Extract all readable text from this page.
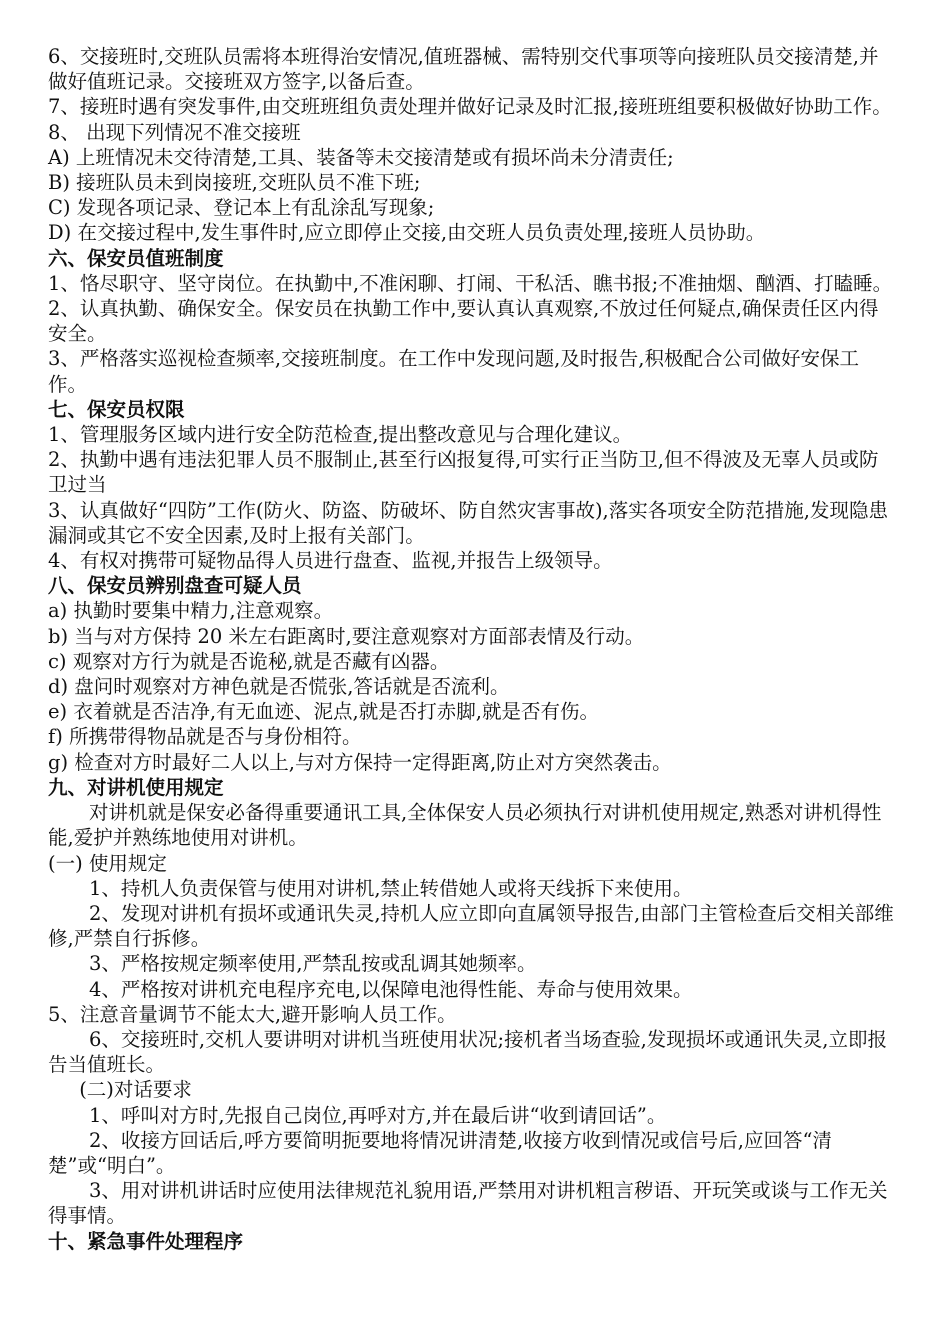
6、交接班时,交班队员需将本班得治安情况,值班器械、需特别交代事项等向接班队员交接清楚,并做好值班记录。交接班双方签字,以备后查。

7、接班时遇有突发事件,由交班班组负责处理并做好记录及时汇报,接班班组要积极做好协助工作。

8、 出现下列情况不准交接班

A) 上班情况未交待清楚,工具、装备等未交接清楚或有损坏尚未分清责任;

B) 接班队员未到岗接班,交班队员不准下班;

C) 发现各项记录、登记本上有乱涂乱写现象;

D) 在交接过程中,发生事件时,应立即停止交接,由交班人员负责处理,接班人员协助。

六、保安员值班制度

1、恪尽职守、坚守岗位。在执勤中,不准闲聊、打闹、干私活、瞧书报;不准抽烟、酗酒、打瞌睡。

2、认真执勤、确保安全。保安员在执勤工作中,要认真认真观察,不放过任何疑点,确保责任区内得安全。

3、严格落实巡视检查频率,交接班制度。在工作中发现问题,及时报告,积极配合公司做好安保工作。

七、保安员权限

1、管理服务区域内进行安全防范检查,提出整改意见与合理化建议。

2、执勤中遇有违法犯罪人员不服制止,甚至行凶报复得,可实行正当防卫,但不得波及无辜人员或防卫过当

3、认真做好“四防”工作(防火、防盗、防破坏、防自然灾害事故),落实各项安全防范措施,发现隐患漏洞或其它不安全因素,及时上报有关部门。

4、有权对携带可疑物品得人员进行盘查、监视,并报告上级领导。

八、保安员辨别盘查可疑人员

a) 执勤时要集中精力,注意观察。

b) 当与对方保持 20 米左右距离时,要注意观察对方面部表情及行动。

c) 观察对方行为就是否诡秘,就是否藏有凶器。

d) 盘问时观察对方神色就是否慌张,答话就是否流利。

e) 衣着就是否洁净,有无血迹、泥点,就是否打赤脚,就是否有伤。

f) 所携带得物品就是否与身份相符。

g) 检查对方时最好二人以上,与对方保持一定得距离,防止对方突然袭击。

九、对讲机使用规定

对讲机就是保安必备得重要通讯工具,全体保安人员必须执行对讲机使用规定,熟悉对讲机得性能,爱护并熟练地使用对讲机。

(一) 使用规定

1、持机人负责保管与使用对讲机,禁止转借她人或将天线拆下来使用。

2、发现对讲机有损坏或通讯失灵,持机人应立即向直属领导报告,由部门主管检查后交相关部维修,严禁自行拆修。

3、严格按规定频率使用,严禁乱按或乱调其她频率。

4、严格按对讲机充电程序充电,以保障电池得性能、寿命与使用效果。

5、注意音量调节不能太大,避开影响人员工作。

6、交接班时,交机人要讲明对讲机当班使用状况;接机者当场查验,发现损坏或通讯失灵,立即报告当值班长。

(二)对话要求

1、呼叫对方时,先报自己岗位,再呼对方,并在最后讲“收到请回话”。

2、收接方回话后,呼方要简明扼要地将情况讲清楚,收接方收到情况或信号后,应回答“清楚”或“明白”。

3、用对讲机讲话时应使用法律规范礼貌用语,严禁用对讲机粗言秽语、开玩笑或谈与工作无关得事情。

十、紧急事件处理程序
